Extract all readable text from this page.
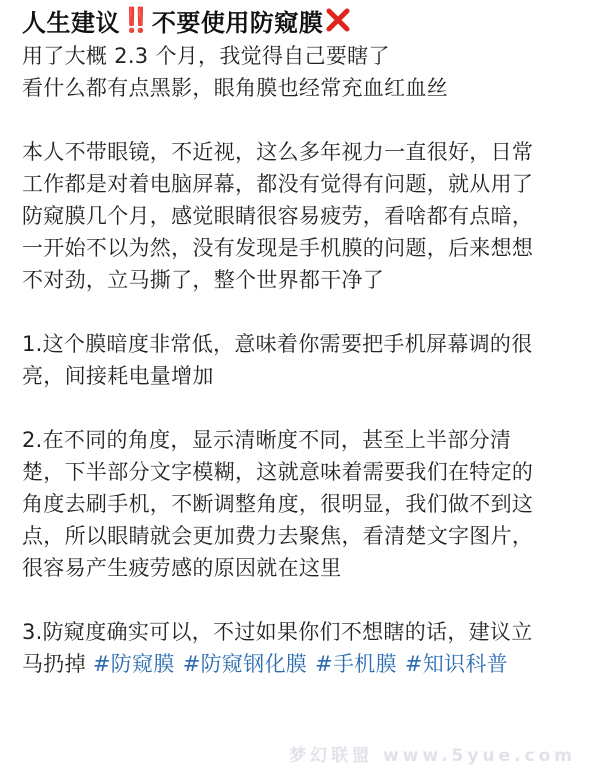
人生建议 ‼️ 不要使用防窥膜

用了大概 2.3 个月，我觉得自己要瞎了

看什么都有点黑影，眼角膜也经常充血红血丝

本人不带眼镜，不近视，这么多年视力一直很好，日常

工作都是对着电脑屏幕，都没有觉得有问题，就从用了

防窥膜几个月，感觉眼睛很容易疲劳，看啥都有点暗，

一开始不以为然，没有发现是手机膜的问题，后来想想

不对劲，立马撕了，整个世界都干净了

1.这个膜暗度非常低，意味着你需要把手机屏幕调的很

亮，间接耗电量增加

2.在不同的角度，显示清晰度不同，甚至上半部分清

楚，下半部分文字模糊，这就意味着需要我们在特定的

角度去刷手机，不断调整角度，很明显，我们做不到这

点，所以眼睛就会更加费力去聚焦，看清楚文字图片，

很容易产生疲劳感的原因就在这里

3.防窥度确实可以，不过如果你们不想瞎的话，建议立

马扔掉 #防窥膜 #防窥钢化膜 #手机膜 #知识科普

梦幻联盟 www.5yue.com
